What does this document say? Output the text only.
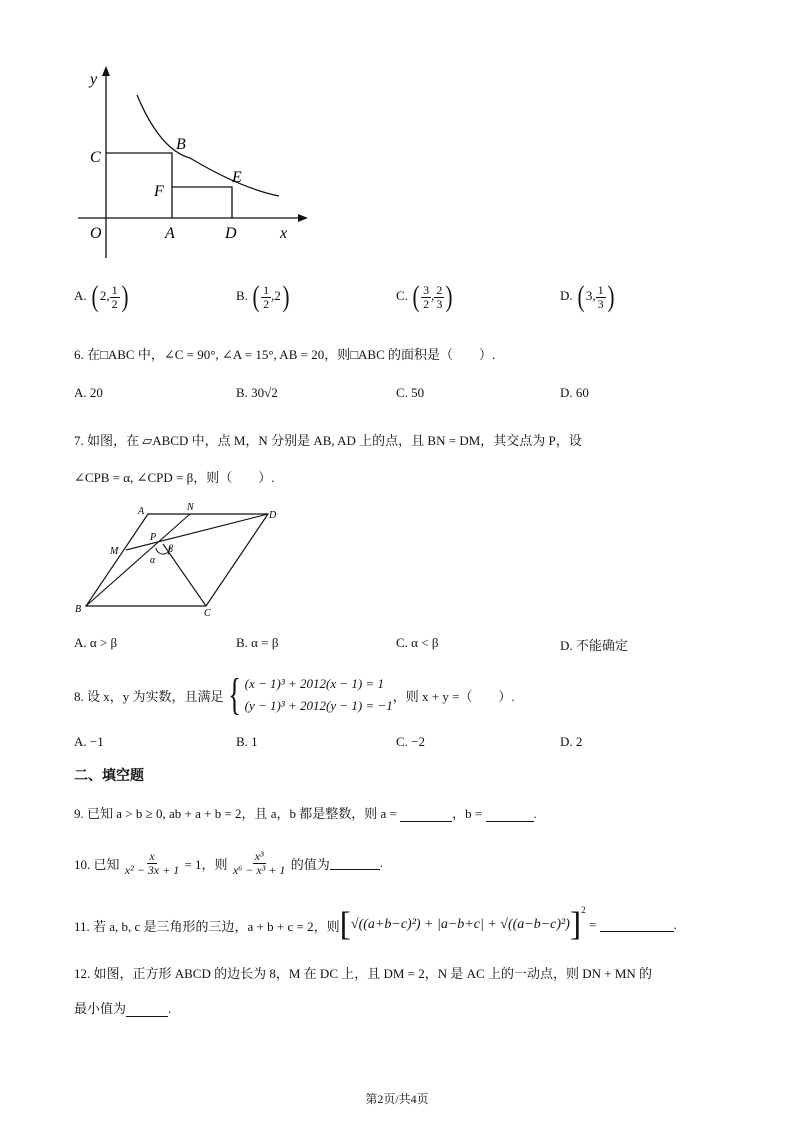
y
x
O	A	D
C
B
F
E
A. ( 2, $\frac{1}{2}$ )	B. ( $\frac{1}{2} ,2$)	C. ( $\frac{3}{2}$ , $\frac{2}{3}$ )	D. ( 3, $\frac{1}{3}$ )
6. 在□ABC 中，∠C = 90°, ∠A = 15°, AB = 20，则□ABC 的面积是（　　）.
A. 20	B. 30√2	C. 50	D. 60
7. 如图，在 ▱ABCD 中，点 M，N 分别是 AB, AD 上的点，且 BN = DM，其交点为 P，设
∠CPB = α, ∠CPD = β，则（　　）.
A	N
D
M
P
β
α
B	C
A. α > β	B. α = β	C. α < β	D. 不能确定
8. 设 x，y 为实数，且满足 { (x − 1)³ + 2012(x − 1) = 1
(y − 1)³ + 2012(y − 1) = −1
，则 x + y =（　　）.
A. −1	B. 1	C. −2	D. 2
二、填空题
9. 已知 a > b ≥ 0, ab + a + b = 2，且 a，b 都是整数，则 a =	，b =	.
10. 已知
$\frac{x}{\text{x² − 3x + 1}}$
= 1，则
$\frac{\text{x³}}{\text{x⁶ − x³ + 1}}$
的值为	.
11. 若 a, b, c 是三角形的三边，a + b + c = 2，则 [ √((a+b−c)²) + |a−b+c| + √((a−b−c)²) ]$^2$

=
	.
12. 如图，正方形 ABCD 的边长为 8，M 在 DC 上，且 DM = 2，N 是 AC 上的一动点，则 DN + MN 的
最小值为	.
第2页/共4页
